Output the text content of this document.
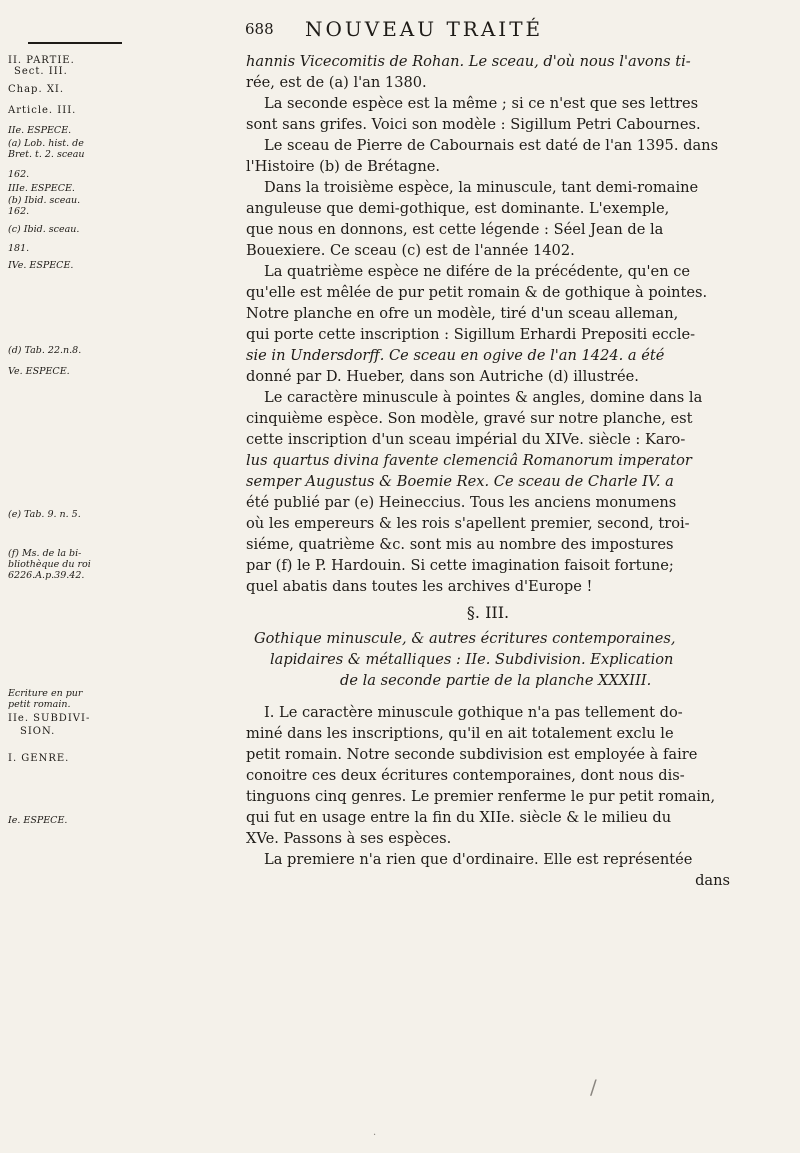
688 NOUVEAU TRAITÉ
II. PARTIE.
Sect. III.
Chap. XI.
Article. III.
IIe. ESPECE.
(a) Lob. hist. de
Bret. t. 2. sceau
162.
IIIe. ESPECE.
(b) Ibid. sceau.
162.
(c) Ibid. sceau.
181.
IVe. ESPECE.
(d) Tab. 22.n.8.
Ve. ESPECE.
(e) Tab. 9. n. 5.
(f) Ms. de la bi-
bliothèque du roi
6226.A.p.39.42.
Ecriture en pur
petit romain.
IIe. SUBDIVI-
SION.
I. GENRE.
Ie. ESPECE.
hannis Vicecomitis de Rohan. Le sceau, d'où nous l'avons ti-
rée, est de (a) l'an 1380.
La seconde espèce est la même ; si ce n'est que ses lettres
sont sans grifes. Voici son modèle : Sigillum Petri Cabournes.
Le sceau de Pierre de Cabournais est daté de l'an 1395. dans
l'Histoire (b) de Brétagne.
Dans la troisième espèce, la minuscule, tant demi-romaine
anguleuse que demi-gothique, est dominante. L'exemple,
que nous en donnons, est cette légende : Séel Jean de la
Bouexiere. Ce sceau (c) est de l'année 1402.
La quatrième espèce ne difére de la précédente, qu'en ce
qu'elle est mêlée de pur petit romain & de gothique à pointes.
Notre planche en ofre un modèle, tiré d'un sceau alleman,
qui porte cette inscription : Sigillum Erhardi Prepositi eccle-
sie in Undersdorff. Ce sceau en ogive de l'an 1424. a été
donné par D. Hueber, dans son Autriche (d) illustrée.
Le caractère minuscule à pointes & angles, domine dans la
cinquième espèce. Son modèle, gravé sur notre planche, est
cette inscription d'un sceau impérial du XIVe. siècle : Karo-
lus quartus divina favente clemenciâ Romanorum imperator
semper Augustus & Boemie Rex. Ce sceau de Charle IV. a
été publié par (e) Heineccius. Tous les anciens monumens
où les empereurs & les rois s'apellent premier, second, troi-
siéme, quatrième &c. sont mis au nombre des impostures
par (f) le P. Hardouin. Si cette imagination faisoit fortune;
quel abatis dans toutes les archives d'Europe !
§. III.
Gothique minuscule, & autres écritures contemporaines,
lapidaires & métalliques : IIe. Subdivision. Explication
de la seconde partie de la planche XXXIII.
I. Le caractère minuscule gothique n'a pas tellement do-
miné dans les inscriptions, qu'il en ait totalement exclu le
petit romain. Notre seconde subdivision est employée à faire
conoitre ces deux écritures contemporaines, dont nous dis-
tinguons cinq genres. Le premier renferme le pur petit romain,
qui fut en usage entre la fin du XIIe. siècle & le milieu du
XVe. Passons à ses espèces.
La premiere n'a rien que d'ordinaire. Elle est représentée
dans
/
·
